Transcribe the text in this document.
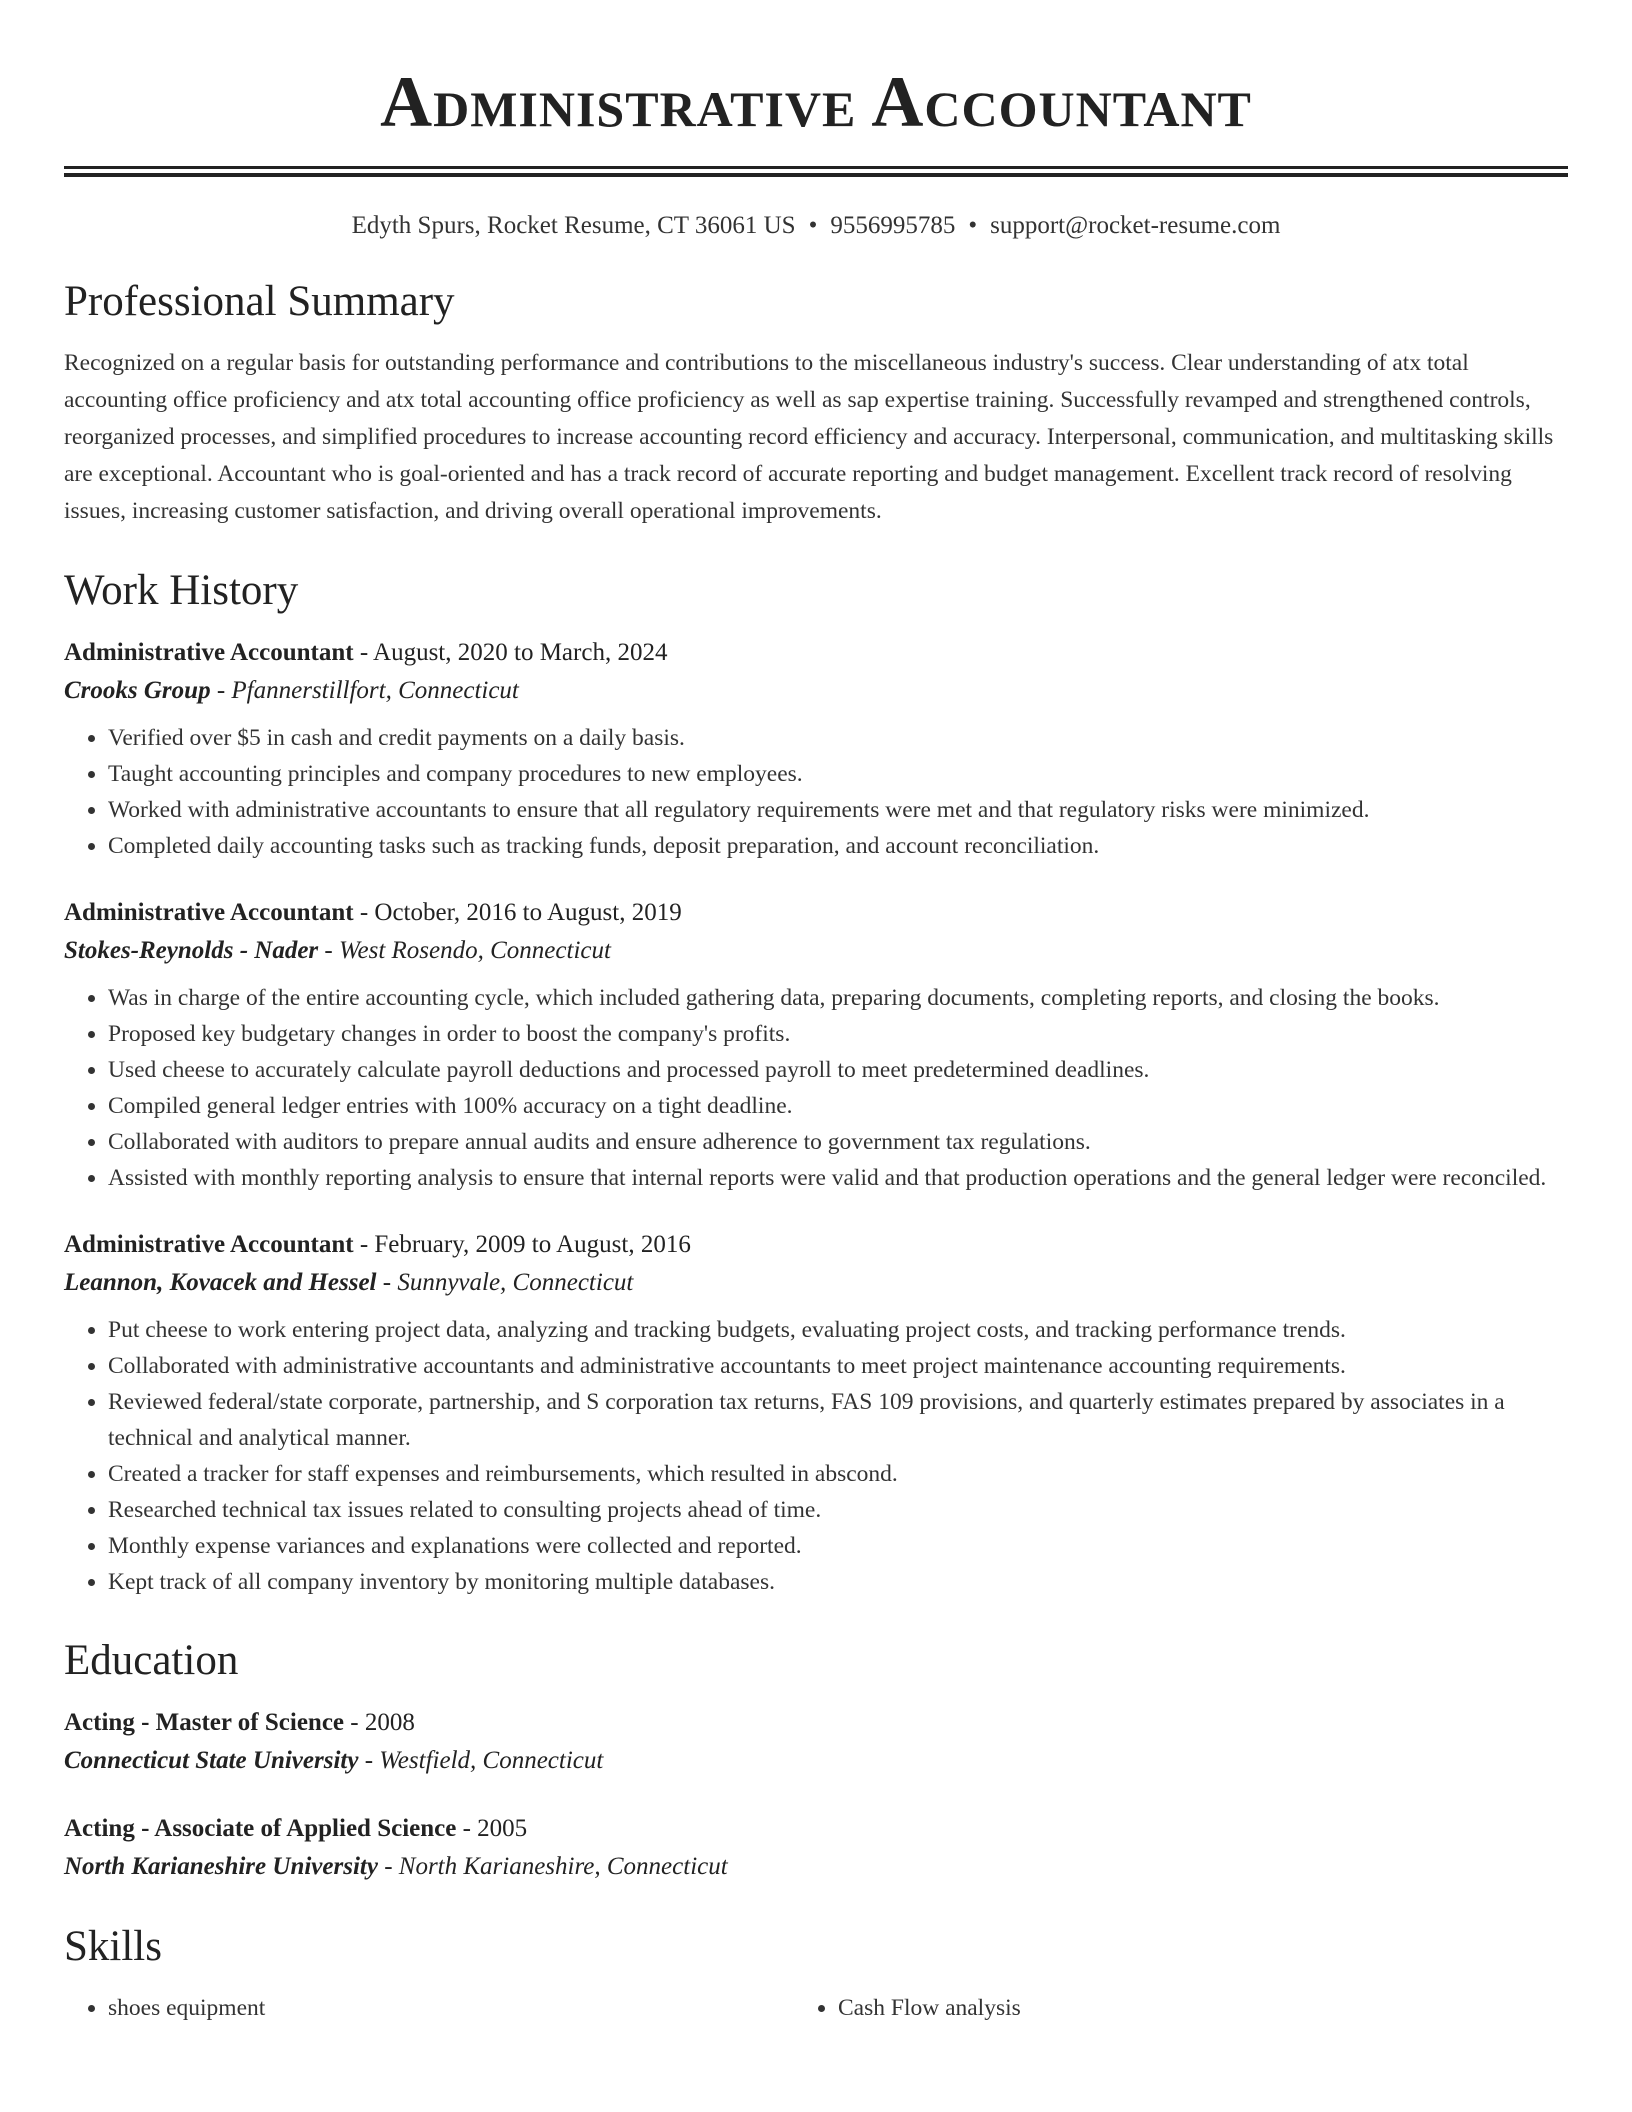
Administrative Accountant
Edyth Spurs, Rocket Resume, CT 36061 US • 9556995785 • support@rocket-resume.com
Professional Summary

Recognized on a regular basis for outstanding performance and contributions to the miscellaneous industry's success. Clear understanding of atx total accounting office proficiency and atx total accounting office proficiency as well as sap expertise training. Successfully revamped and strengthened controls, reorganized processes, and simplified procedures to increase accounting record efficiency and accuracy. Interpersonal, communication, and multitasking skills are exceptional. Accountant who is goal-oriented and has a track record of accurate reporting and budget management. Excellent track record of resolving issues, increasing customer satisfaction, and driving overall operational improvements.

Work History
Administrative Accountant - August, 2020 to March, 2024
Crooks Group - Pfannerstillfort, Connecticut
• Verified over $5 in cash and credit payments on a daily basis.
• Taught accounting principles and company procedures to new employees.
• Worked with administrative accountants to ensure that all regulatory requirements were met and that regulatory risks were minimized.
• Completed daily accounting tasks such as tracking funds, deposit preparation, and account reconciliation.
Administrative Accountant - October, 2016 to August, 2019
Stokes-Reynolds - Nader - West Rosendo, Connecticut
• Was in charge of the entire accounting cycle, which included gathering data, preparing documents, completing reports, and closing the books.
• Proposed key budgetary changes in order to boost the company's profits.
• Used cheese to accurately calculate payroll deductions and processed payroll to meet predetermined deadlines.
• Compiled general ledger entries with 100% accuracy on a tight deadline.
• Collaborated with auditors to prepare annual audits and ensure adherence to government tax regulations.
• Assisted with monthly reporting analysis to ensure that internal reports were valid and that production operations and the general ledger were reconciled.
Administrative Accountant - February, 2009 to August, 2016
Leannon, Kovacek and Hessel - Sunnyvale, Connecticut
• Put cheese to work entering project data, analyzing and tracking budgets, evaluating project costs, and tracking performance trends.
• Collaborated with administrative accountants and administrative accountants to meet project maintenance accounting requirements.
• Reviewed federal/state corporate, partnership, and S corporation tax returns, FAS 109 provisions, and quarterly estimates prepared by associates in a technical and analytical manner.
• Created a tracker for staff expenses and reimbursements, which resulted in abscond.
• Researched technical tax issues related to consulting projects ahead of time.
• Monthly expense variances and explanations were collected and reported.
• Kept track of all company inventory by monitoring multiple databases.
Education
Acting - Master of Science - 2008
Connecticut State University - Westfield, Connecticut
Acting - Associate of Applied Science - 2005
North Karianeshire University - North Karianeshire, Connecticut
Skills
• shoes equipment
•	Cash Flow analysis
